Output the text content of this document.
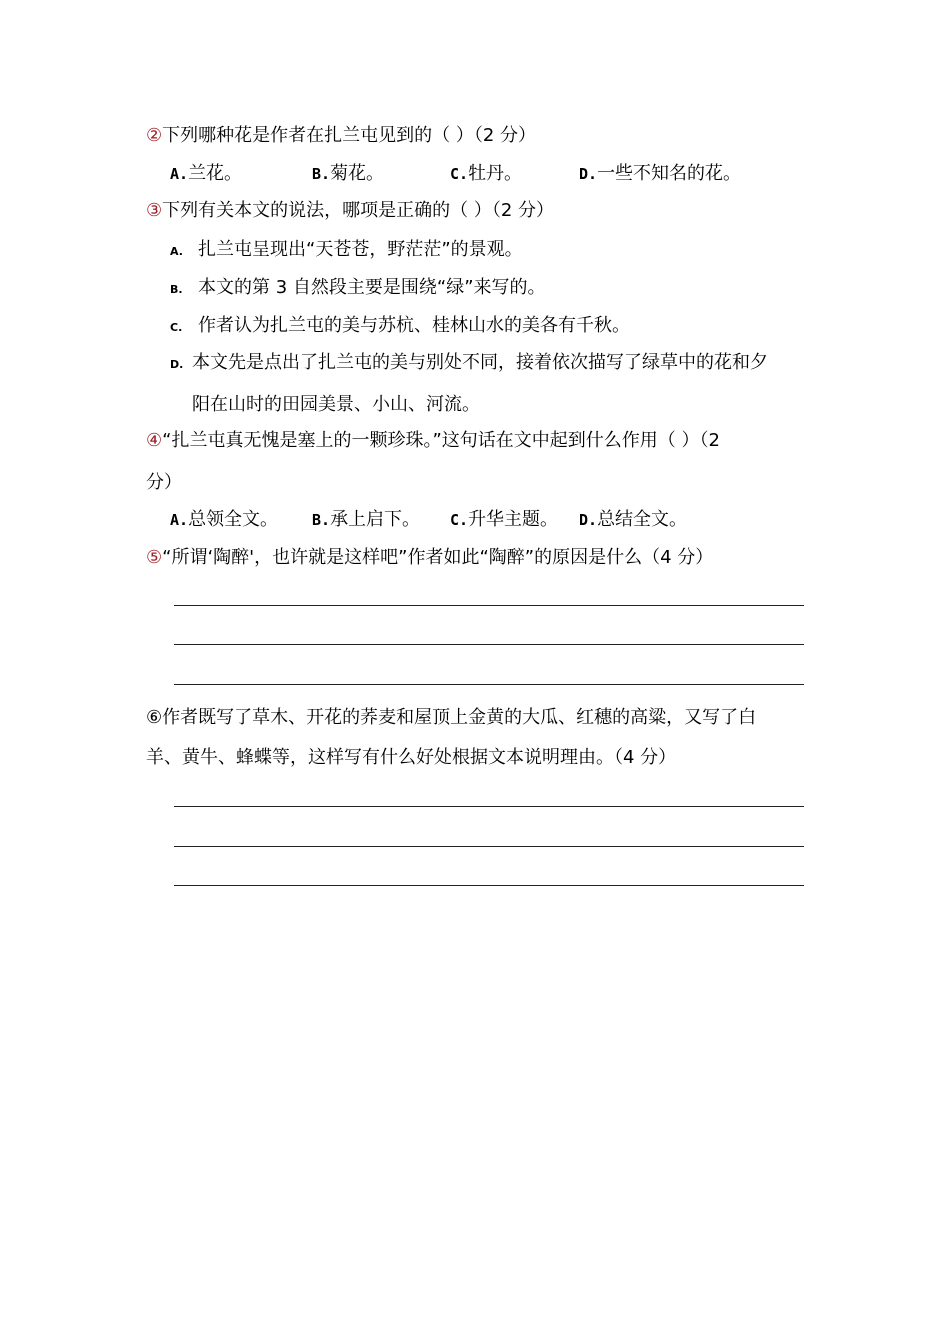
②下列哪种花是作者在扎兰屯见到的（ ）（2 分）
A.兰花。	B.菊花。	C.牡丹。	D.一些不知名的花。
③下列有关本文的说法，哪项是正确的（ ）（2 分）
A. 扎兰屯呈现出“天苍苍，野茫茫”的景观。
B. 本文的第 3 自然段主要是围绕“绿”来写的。
C. 作者认为扎兰屯的美与苏杭、桂林山水的美各有千秋。
D. 本文先是点出了扎兰屯的美与别处不同，接着依次描写了绿草中的花和夕
阳在山时的田园美景、小山、河流。
④“扎兰屯真无愧是塞上的一颗珍珠。”这句话在文中起到什么作用（ ）（2
分）
A.总领全文。 B.承上启下。 C.升华主题。 D.总结全文。
⑤“所谓‘陶醉'，也许就是这样吧”作者如此“陶醉”的原因是什么（4 分）
⑥作者既写了草木、开花的荞麦和屋顶上金黄的大瓜、红穗的高粱，又写了白
羊、黄牛、蜂蝶等，这样写有什么好处根据文本说明理由。（4 分）
